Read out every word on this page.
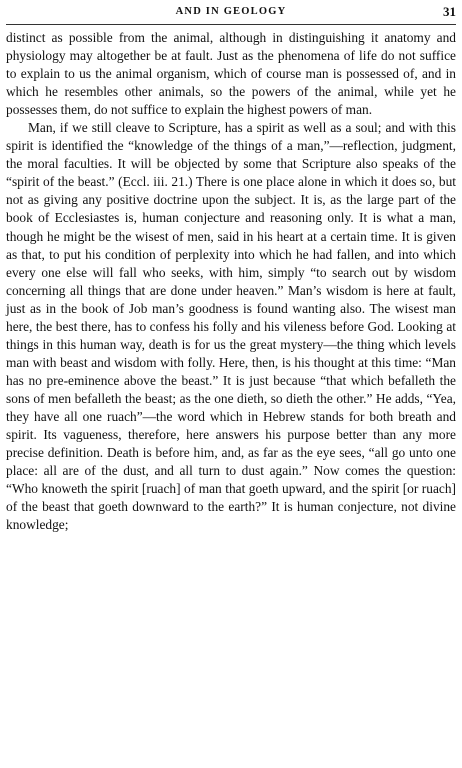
AND IN GEOLOGY	31

distinct as possible from the animal, although in distinguishing it anatomy and physiology may altogether be at fault. Just as the phenomena of life do not suffice to explain to us the animal organism, which of course man is possessed of, and in which he resembles other animals, so the powers of the animal, while yet he possesses them, do not suffice to explain the highest powers of man.

Man, if we still cleave to Scripture, has a spirit as well as a soul; and with this spirit is identified the “knowledge of the things of a man,”—reflection, judgment, the moral faculties. It will be objected by some that Scripture also speaks of the “spirit of the beast.” (Eccl. iii. 21.) There is one place alone in which it does so, but not as giving any positive doctrine upon the subject. It is, as the large part of the book of Ecclesiastes is, human conjecture and reasoning only. It is what a man, though he might be the wisest of men, said in his heart at a certain time. It is given as that, to put his condition of perplexity into which he had fallen, and into which every one else will fall who seeks, with him, simply “to search out by wisdom concerning all things that are done under heaven.” Man’s wisdom is here at fault, just as in the book of Job man’s goodness is found wanting also. The wisest man here, the best there, has to confess his folly and his vileness before God. Looking at things in this human way, death is for us the great mystery—the thing which levels man with beast and wisdom with folly. Here, then, is his thought at this time: “Man has no pre-eminence above the beast.” It is just because “that which befalleth the sons of men befalleth the beast; as the one dieth, so dieth the other.” He adds, “Yea, they have all one ruach”—the word which in Hebrew stands for both breath and spirit. Its vagueness, therefore, here answers his purpose better than any more precise definition. Death is before him, and, as far as the eye sees, “all go unto one place: all are of the dust, and all turn to dust again.” Now comes the question: “Who knoweth the spirit [ruach] of man that goeth upward, and the spirit [or ruach] of the beast that goeth downward to the earth?” It is human conjecture, not divine knowledge;
